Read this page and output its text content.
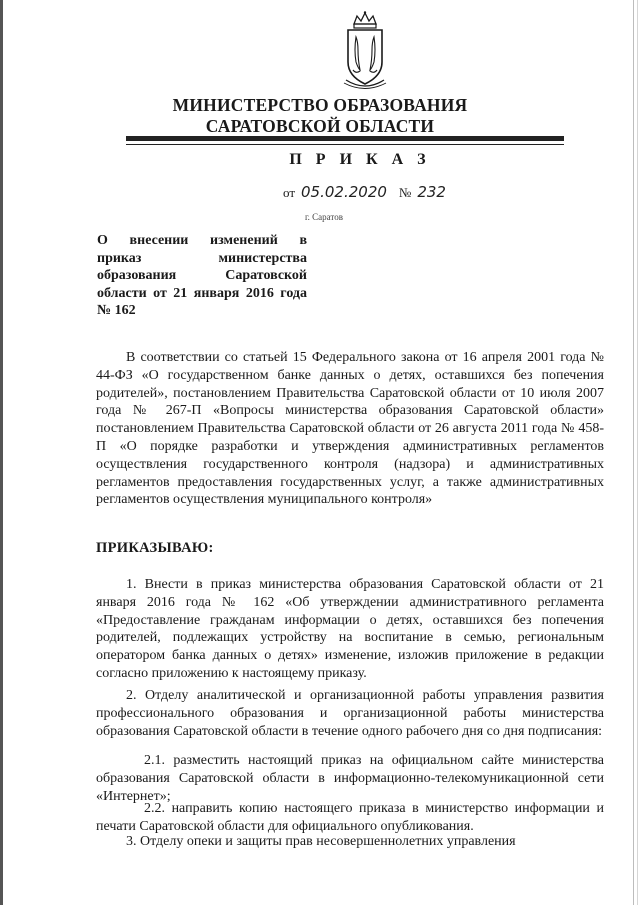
МИНИСТЕРСТВО ОБРАЗОВАНИЯ
САРАТОВСКОЙ ОБЛАСТИ
П Р И К А З
от 05.02.2020 № 232
г. Саратов
О внесении изменений в
приказ министерства
образования Саратовской
области от 21 января 2016 года
№ 162
В соответствии со статьей 15 Федерального закона от 16 апреля 2001 года № 44-ФЗ «О государственном банке данных о детях, оставшихся без попечения родителей», постановлением Правительства Саратовской области от 10 июля 2007 года № 267-П «Вопросы министерства образования Саратовской области» постановлением Правительства Саратовской области от 26 августа 2011 года № 458-П «О порядке разработки и утверждения административных регламентов осуществления государственного контроля (надзора) и административных регламентов предоставления государственных услуг, а также административных регламентов осуществления муниципального контроля»
ПРИКАЗЫВАЮ:
1. Внести в приказ министерства образования Саратовской области от 21 января 2016 года № 162 «Об утверждении административного регламента «Предоставление гражданам информации о детях, оставшихся без попечения родителей, подлежащих устройству на воспитание в семью, региональным оператором банка данных о детях» изменение, изложив приложение в редакции согласно приложению к настоящему приказу.
2. Отделу аналитической и организационной работы управления развития профессионального образования и организационной работы министерства образования Саратовской области в течение одного рабочего дня со дня подписания:
2.1. разместить настоящий приказ на официальном сайте министерства образования Саратовской области в информационно-телекомуникационной сети «Интернет»;
2.2. направить копию настоящего приказа в министерство информации и печати Саратовской области для официального опубликования.
3. Отделу опеки и защиты прав несовершеннолетних управления
